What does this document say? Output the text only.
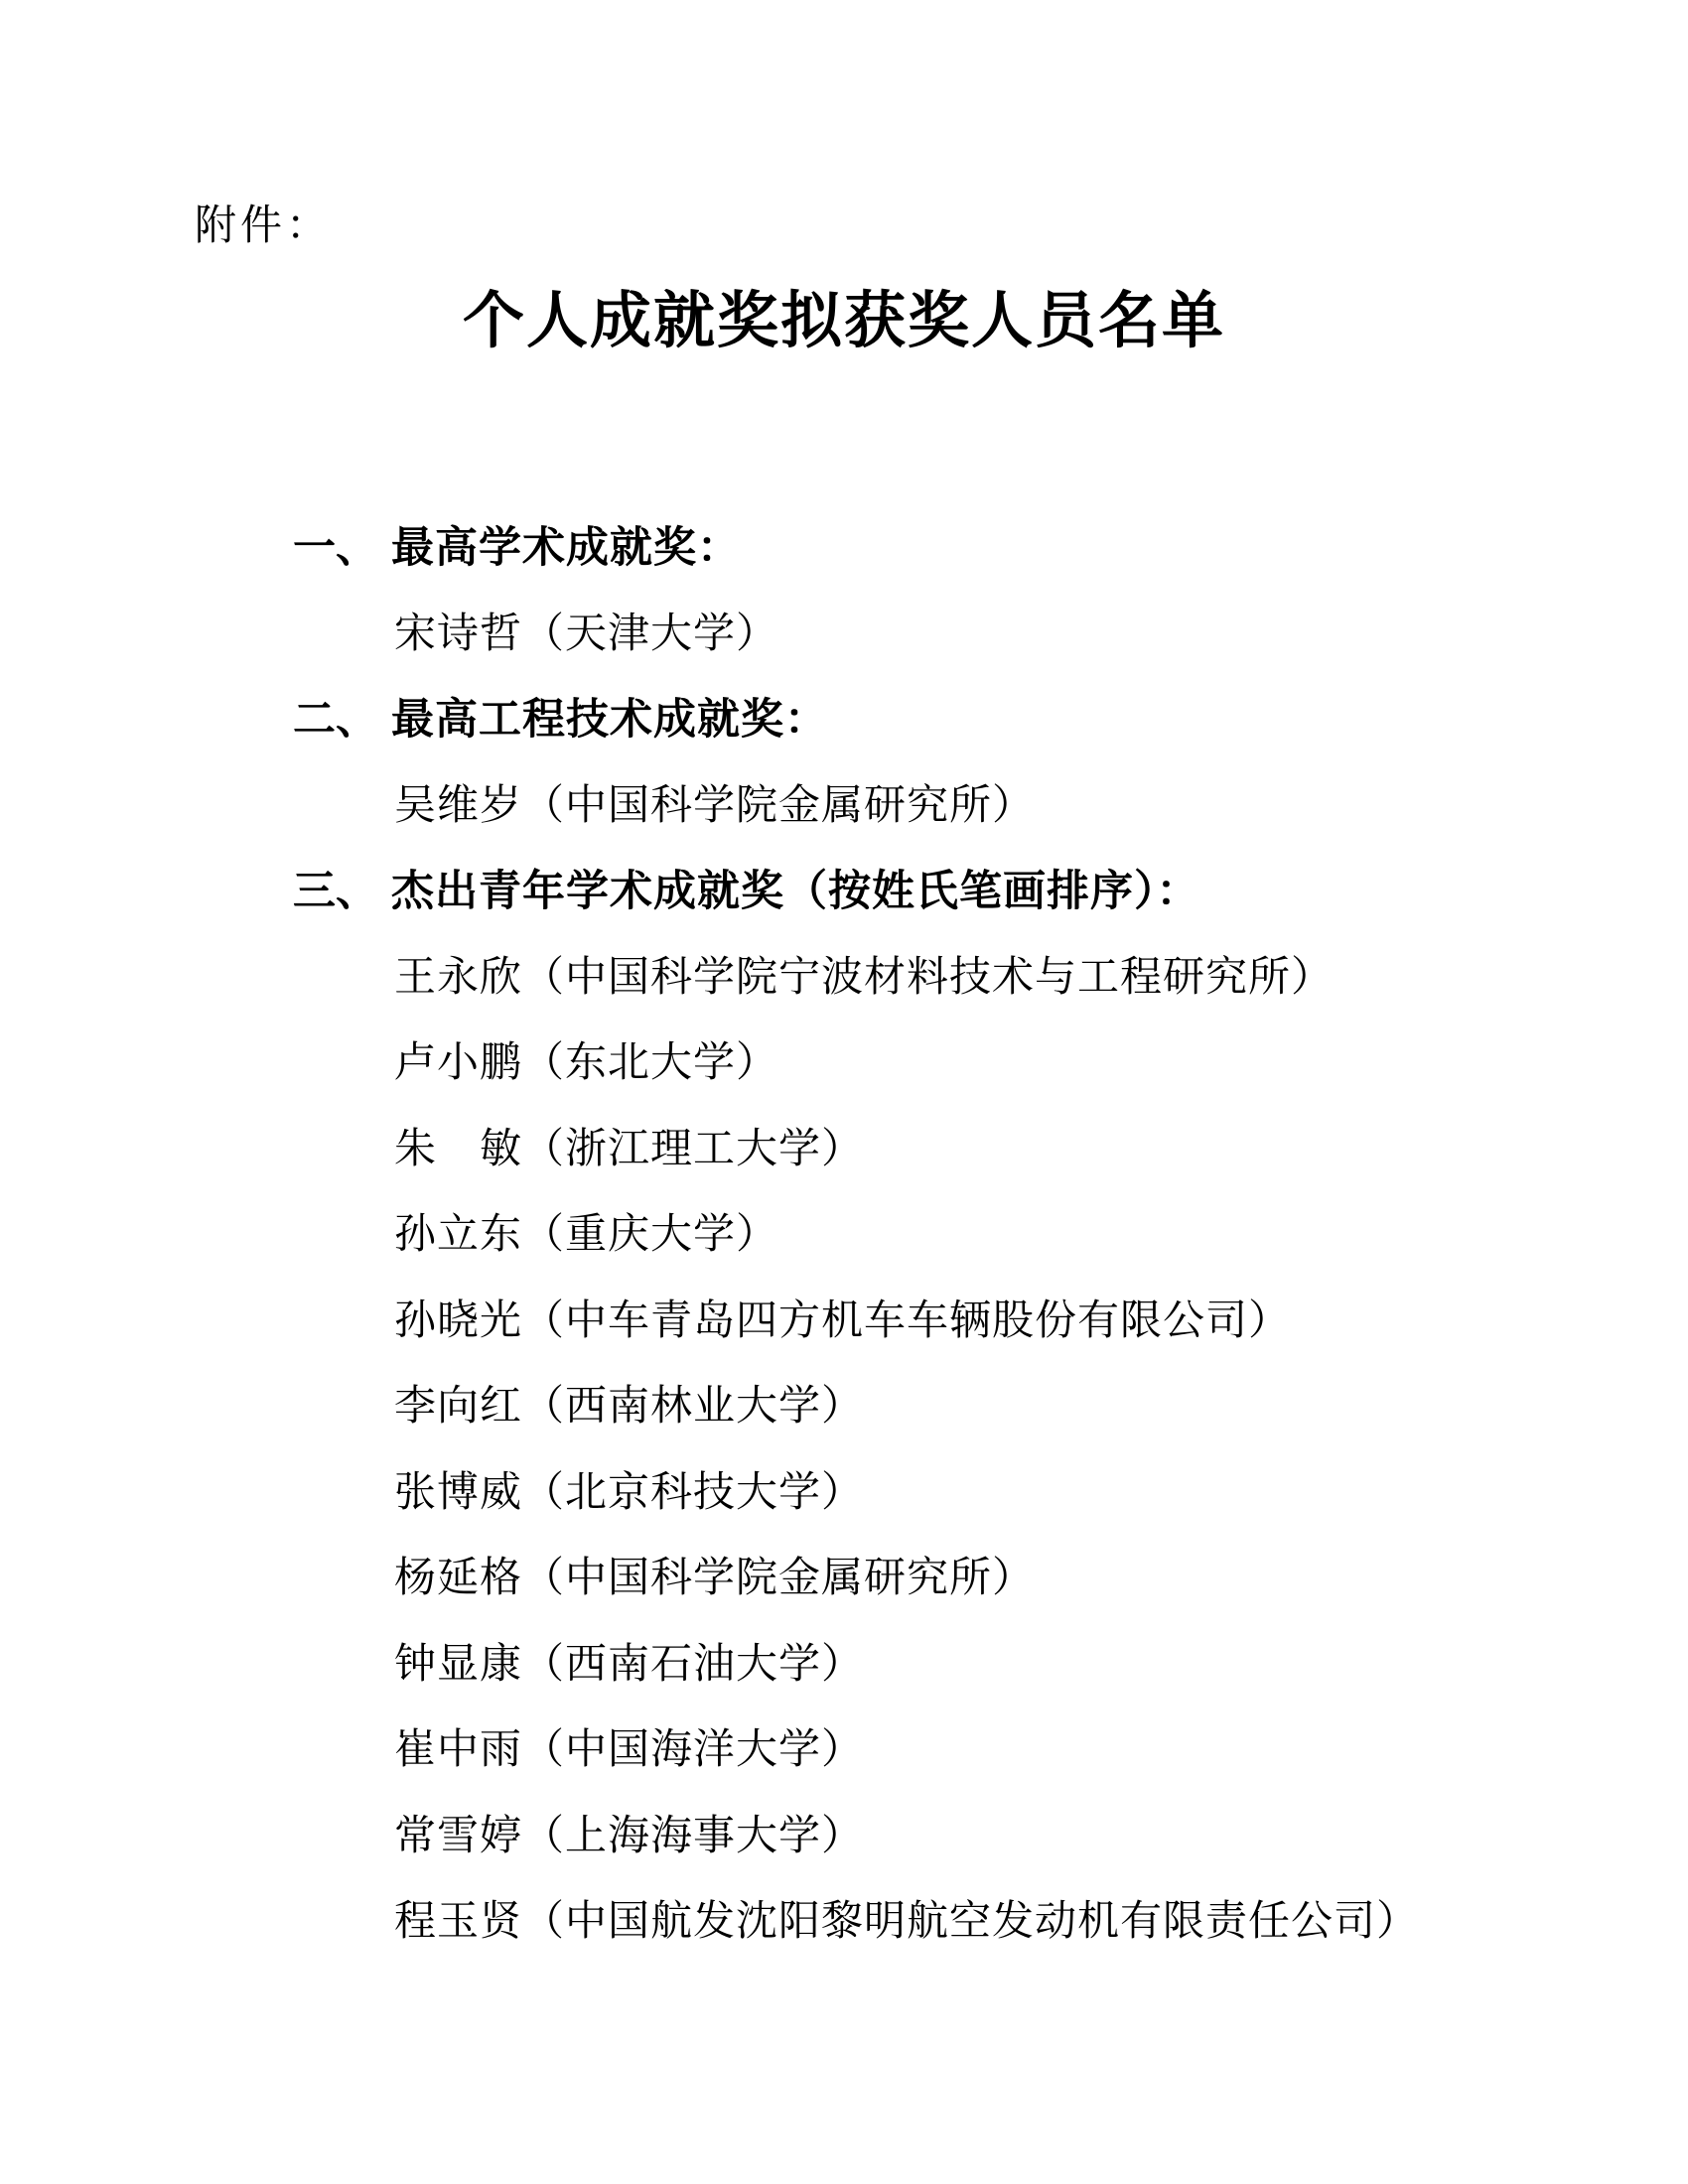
附件：
个人成就奖拟获奖人员名单
一、 最高学术成就奖：
宋诗哲（天津大学）
二、 最高工程技术成就奖：
吴维岁（中国科学院金属研究所）
三、 杰出青年学术成就奖（按姓氏笔画排序）：
王永欣（中国科学院宁波材料技术与工程研究所）
卢小鹏（东北大学）
朱　敏（浙江理工大学）
孙立东（重庆大学）
孙晓光（中车青岛四方机车车辆股份有限公司）
李向红（西南林业大学）
张博威（北京科技大学）
杨延格（中国科学院金属研究所）
钟显康（西南石油大学）
崔中雨（中国海洋大学）
常雪婷（上海海事大学）
程玉贤（中国航发沈阳黎明航空发动机有限责任公司）
